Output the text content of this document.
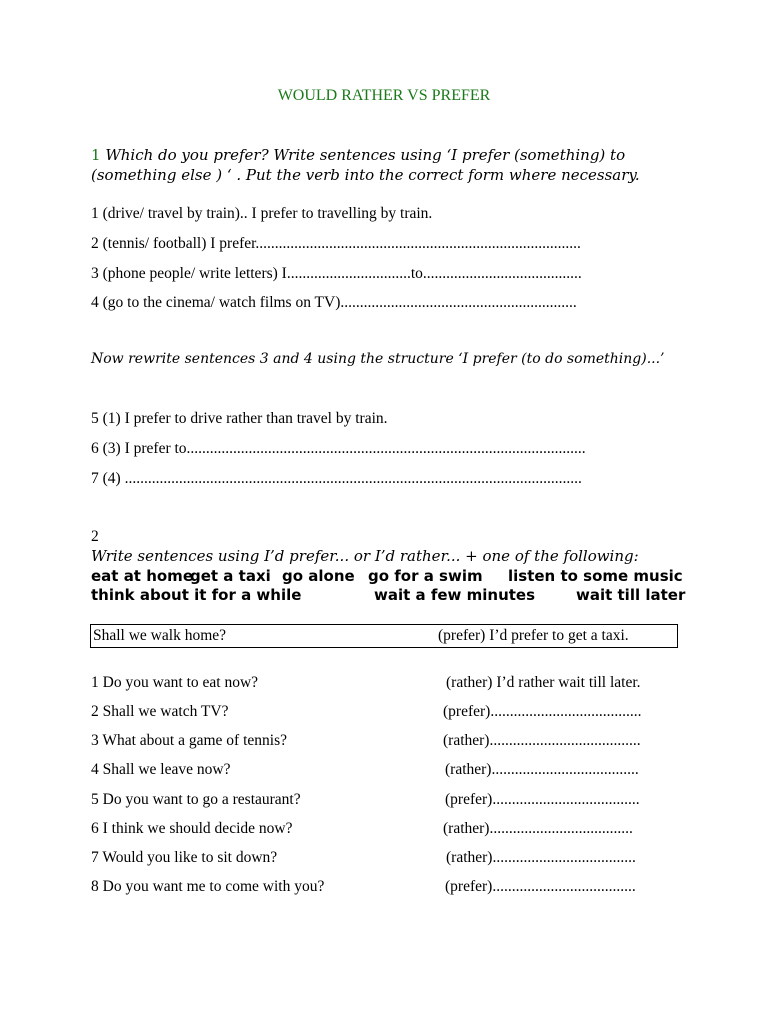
WOULD RATHER VS PREFER
1 Which do you prefer? Write sentences using ‘I prefer (something) to
(something else ) ‘ . Put the verb into the correct form where necessary.
1 (drive/ travel by train).. I prefer to travelling by train.
2 (tennis/ football) I prefer....................................................................................
3 (phone people/ write letters) I................................to.........................................
4 (go to the cinema/ watch films on TV).............................................................
Now rewrite sentences 3 and 4 using the structure ‘I prefer (to do something)...’
5 (1) I prefer to drive rather than travel by train.
6 (3) I prefer to.......................................................................................................
7 (4) ......................................................................................................................
2
Write sentences using I’d prefer... or I’d rather... + one of the following:
eat at home
get a taxi go alone go for a swim listen to some music
think about it for a while	wait a few minutes	wait till later
Shall we walk home?	(prefer) I’d prefer to get a taxi.
1 Do you want to eat now?	(rather) I’d rather wait till later.
2 Shall we watch TV?	(prefer).......................................
3 What about a game of tennis?	(rather).......................................
4 Shall we leave now?	(rather)......................................
5 Do you want to go a restaurant?	(prefer)......................................
6 I think we should decide now?	(rather).....................................
7 Would you like to sit down?	(rather).....................................
8 Do you want me to come with you?	(prefer).....................................
